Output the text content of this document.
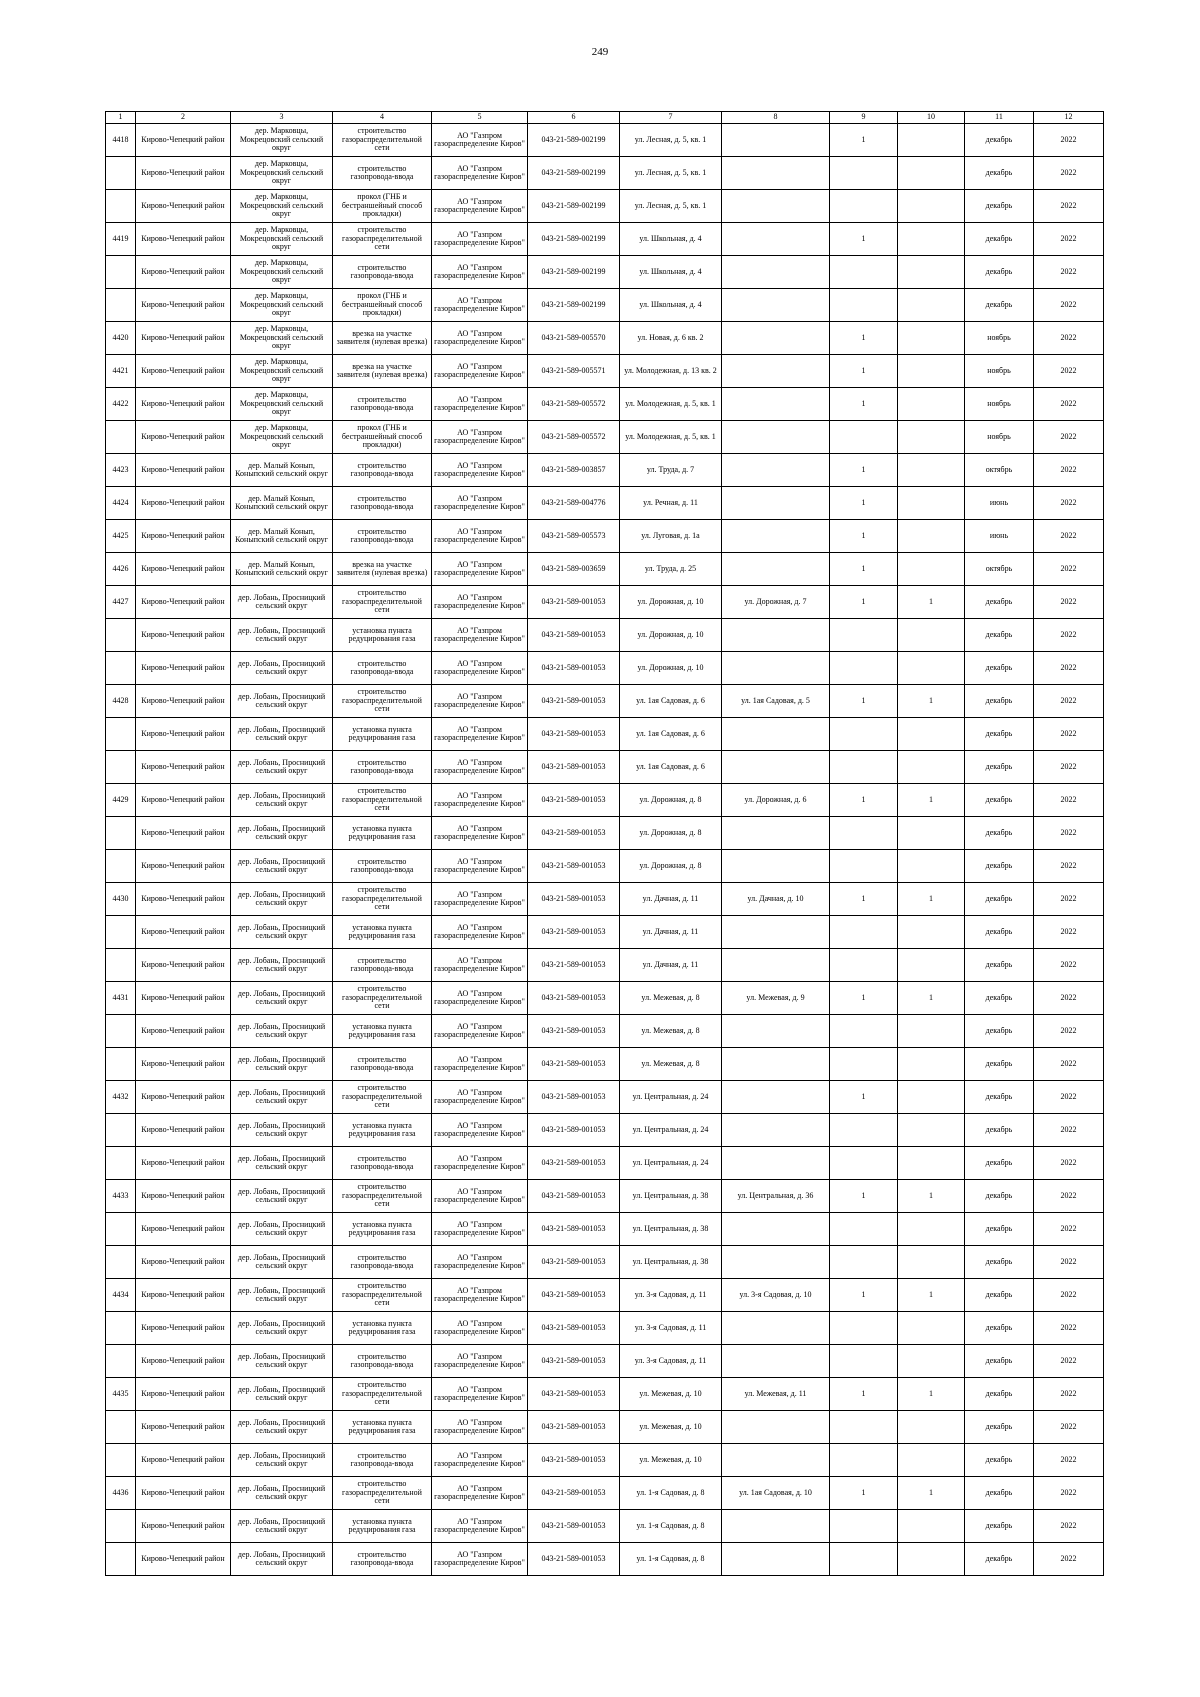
249
1	2	3	4	5	6	7	8	9	10	11	12

4418	Кирово-Чепецкий район	дер. Марковцы, Мокрецовский сельский округ	строительство газораспределительной сети	АО "Газпром газораспределение Киров"	043-21-589-002199	ул. Лесная, д. 5, кв. 1		1		декабрь	2022

	Кирово-Чепецкий район	дер. Марковцы, Мокрецовский сельский округ	строительство газопровода-ввода	АО "Газпром газораспределение Киров"	043-21-589-002199	ул. Лесная, д. 5, кв. 1				декабрь	2022

	Кирово-Чепецкий район	дер. Марковцы, Мокрецовский сельский округ	прокол (ГНБ и бестраншейный способ прокладки)	АО "Газпром газораспределение Киров"	043-21-589-002199	ул. Лесная, д. 5, кв. 1				декабрь	2022

4419	Кирово-Чепецкий район	дер. Марковцы, Мокрецовский сельский округ	строительство газораспределительной сети	АО "Газпром газораспределение Киров"	043-21-589-002199	ул. Школьная, д. 4		1		декабрь	2022

	Кирово-Чепецкий район	дер. Марковцы, Мокрецовский сельский округ	строительство газопровода-ввода	АО "Газпром газораспределение Киров"	043-21-589-002199	ул. Школьная, д. 4				декабрь	2022

	Кирово-Чепецкий район	дер. Марковцы, Мокрецовский сельский округ	прокол (ГНБ и бестраншейный способ прокладки)	АО "Газпром газораспределение Киров"	043-21-589-002199	ул. Школьная, д. 4				декабрь	2022

4420	Кирово-Чепецкий район	дер. Марковцы, Мокрецовский сельский округ	врезка на участке заявителя (нулевая врезка)	АО "Газпром газораспределение Киров"	043-21-589-005570	ул. Новая, д. 6 кв. 2		1		ноябрь	2022

4421	Кирово-Чепецкий район	дер. Марковцы, Мокрецовский сельский округ	врезка на участке заявителя (нулевая врезка)	АО "Газпром газораспределение Киров"	043-21-589-005571	ул. Молодежная, д. 13 кв. 2		1		ноябрь	2022

4422	Кирово-Чепецкий район	дер. Марковцы, Мокрецовский сельский округ	строительство газопровода-ввода	АО "Газпром газораспределение Киров"	043-21-589-005572	ул. Молодежная, д. 5, кв. 1		1		ноябрь	2022

	Кирово-Чепецкий район	дер. Марковцы, Мокрецовский сельский округ	прокол (ГНБ и бестраншейный способ прокладки)	АО "Газпром газораспределение Киров"	043-21-589-005572	ул. Молодежная, д. 5, кв. 1				ноябрь	2022

4423	Кирово-Чепецкий район	дер. Малый Конып, Коныпский сельский округ	строительство газопровода-ввода	АО "Газпром газораспределение Киров"	043-21-589-003857	ул. Труда, д. 7		1		октябрь	2022

4424	Кирово-Чепецкий район	дер. Малый Конып, Коныпский сельский округ	строительство газопровода-ввода	АО "Газпром газораспределение Киров"	043-21-589-004776	ул. Речная, д. 11		1		июнь	2022

4425	Кирово-Чепецкий район	дер. Малый Конып, Коныпский сельский округ	строительство газопровода-ввода	АО "Газпром газораспределение Киров"	043-21-589-005573	ул. Луговая, д. 1а		1		июнь	2022

4426	Кирово-Чепецкий район	дер. Малый Конып, Коныпский сельский округ	врезка на участке заявителя (нулевая врезка)	АО "Газпром газораспределение Киров"	043-21-589-003659	ул. Труда, д. 25		1		октябрь	2022

4427	Кирово-Чепецкий район	дер. Лобань, Просницкий сельский округ	строительство газораспределительной сети	АО "Газпром газораспределение Киров"	043-21-589-001053	ул. Дорожная, д. 10	ул. Дорожная, д. 7	1	1	декабрь	2022

	Кирово-Чепецкий район	дер. Лобань, Просницкий сельский округ	установка пункта редуцирования газа	АО "Газпром газораспределение Киров"	043-21-589-001053	ул. Дорожная, д. 10				декабрь	2022

	Кирово-Чепецкий район	дер. Лобань, Просницкий сельский округ	строительство газопровода-ввода	АО "Газпром газораспределение Киров"	043-21-589-001053	ул. Дорожная, д. 10				декабрь	2022

4428	Кирово-Чепецкий район	дер. Лобань, Просницкий сельский округ	строительство газораспределительной сети	АО "Газпром газораспределение Киров"	043-21-589-001053	ул. 1ая Садовая, д. 6	ул. 1ая Садовая, д. 5	1	1	декабрь	2022

	Кирово-Чепецкий район	дер. Лобань, Просницкий сельский округ	установка пункта редуцирования газа	АО "Газпром газораспределение Киров"	043-21-589-001053	ул. 1ая Садовая, д. 6				декабрь	2022

	Кирово-Чепецкий район	дер. Лобань, Просницкий сельский округ	строительство газопровода-ввода	АО "Газпром газораспределение Киров"	043-21-589-001053	ул. 1ая Садовая, д. 6				декабрь	2022

4429	Кирово-Чепецкий район	дер. Лобань, Просницкий сельский округ	строительство газораспределительной сети	АО "Газпром газораспределение Киров"	043-21-589-001053	ул. Дорожная, д. 8	ул. Дорожная, д. 6	1	1	декабрь	2022

	Кирово-Чепецкий район	дер. Лобань, Просницкий сельский округ	установка пункта редуцирования газа	АО "Газпром газораспределение Киров"	043-21-589-001053	ул. Дорожная, д. 8				декабрь	2022

	Кирово-Чепецкий район	дер. Лобань, Просницкий сельский округ	строительство газопровода-ввода	АО "Газпром газораспределение Киров"	043-21-589-001053	ул. Дорожная, д. 8				декабрь	2022

4430	Кирово-Чепецкий район	дер. Лобань, Просницкий сельский округ	строительство газораспределительной сети	АО "Газпром газораспределение Киров"	043-21-589-001053	ул. Дачная, д. 11	ул. Дачная, д. 10	1	1	декабрь	2022

	Кирово-Чепецкий район	дер. Лобань, Просницкий сельский округ	установка пункта редуцирования газа	АО "Газпром газораспределение Киров"	043-21-589-001053	ул. Дачная, д. 11				декабрь	2022

	Кирово-Чепецкий район	дер. Лобань, Просницкий сельский округ	строительство газопровода-ввода	АО "Газпром газораспределение Киров"	043-21-589-001053	ул. Дачная, д. 11				декабрь	2022

4431	Кирово-Чепецкий район	дер. Лобань, Просницкий сельский округ	строительство газораспределительной сети	АО "Газпром газораспределение Киров"	043-21-589-001053	ул. Межевая, д. 8	ул. Межевая, д. 9	1	1	декабрь	2022

	Кирово-Чепецкий район	дер. Лобань, Просницкий сельский округ	установка пункта редуцирования газа	АО "Газпром газораспределение Киров"	043-21-589-001053	ул. Межевая, д. 8				декабрь	2022

	Кирово-Чепецкий район	дер. Лобань, Просницкий сельский округ	строительство газопровода-ввода	АО "Газпром газораспределение Киров"	043-21-589-001053	ул. Межевая, д. 8				декабрь	2022

4432	Кирово-Чепецкий район	дер. Лобань, Просницкий сельский округ	строительство газораспределительной сети	АО "Газпром газораспределение Киров"	043-21-589-001053	ул. Центральная, д. 24		1		декабрь	2022

	Кирово-Чепецкий район	дер. Лобань, Просницкий сельский округ	установка пункта редуцирования газа	АО "Газпром газораспределение Киров"	043-21-589-001053	ул. Центральная, д. 24				декабрь	2022

	Кирово-Чепецкий район	дер. Лобань, Просницкий сельский округ	строительство газопровода-ввода	АО "Газпром газораспределение Киров"	043-21-589-001053	ул. Центральная, д. 24				декабрь	2022

4433	Кирово-Чепецкий район	дер. Лобань, Просницкий сельский округ	строительство газораспределительной сети	АО "Газпром газораспределение Киров"	043-21-589-001053	ул. Центральная, д. 38	ул. Центральная, д. 36	1	1	декабрь	2022

	Кирово-Чепецкий район	дер. Лобань, Просницкий сельский округ	установка пункта редуцирования газа	АО "Газпром газораспределение Киров"	043-21-589-001053	ул. Центральная, д. 38				декабрь	2022

	Кирово-Чепецкий район	дер. Лобань, Просницкий сельский округ	строительство газопровода-ввода	АО "Газпром газораспределение Киров"	043-21-589-001053	ул. Центральная, д. 38				декабрь	2022

4434	Кирово-Чепецкий район	дер. Лобань, Просницкий сельский округ	строительство газораспределительной сети	АО "Газпром газораспределение Киров"	043-21-589-001053	ул. 3-я Садовая, д. 11	ул. 3-я Садовая, д. 10	1	1	декабрь	2022

	Кирово-Чепецкий район	дер. Лобань, Просницкий сельский округ	установка пункта редуцирования газа	АО "Газпром газораспределение Киров"	043-21-589-001053	ул. 3-я Садовая, д. 11				декабрь	2022

	Кирово-Чепецкий район	дер. Лобань, Просницкий сельский округ	строительство газопровода-ввода	АО "Газпром газораспределение Киров"	043-21-589-001053	ул. 3-я Садовая, д. 11				декабрь	2022

4435	Кирово-Чепецкий район	дер. Лобань, Просницкий сельский округ	строительство газораспределительной сети	АО "Газпром газораспределение Киров"	043-21-589-001053	ул. Межевая, д. 10	ул. Межевая, д. 11	1	1	декабрь	2022

	Кирово-Чепецкий район	дер. Лобань, Просницкий сельский округ	установка пункта редуцирования газа	АО "Газпром газораспределение Киров"	043-21-589-001053	ул. Межевая, д. 10				декабрь	2022

	Кирово-Чепецкий район	дер. Лобань, Просницкий сельский округ	строительство газопровода-ввода	АО "Газпром газораспределение Киров"	043-21-589-001053	ул. Межевая, д. 10				декабрь	2022

4436	Кирово-Чепецкий район	дер. Лобань, Просницкий сельский округ	строительство газораспределительной сети	АО "Газпром газораспределение Киров"	043-21-589-001053	ул. 1-я Садовая, д. 8	ул. 1ая Садовая, д. 10	1	1	декабрь	2022

	Кирово-Чепецкий район	дер. Лобань, Просницкий сельский округ	установка пункта редуцирования газа	АО "Газпром газораспределение Киров"	043-21-589-001053	ул. 1-я Садовая, д. 8				декабрь	2022

	Кирово-Чепецкий район	дер. Лобань, Просницкий сельский округ	строительство газопровода-ввода	АО "Газпром газораспределение Киров"	043-21-589-001053	ул. 1-я Садовая, д. 8				декабрь	2022
